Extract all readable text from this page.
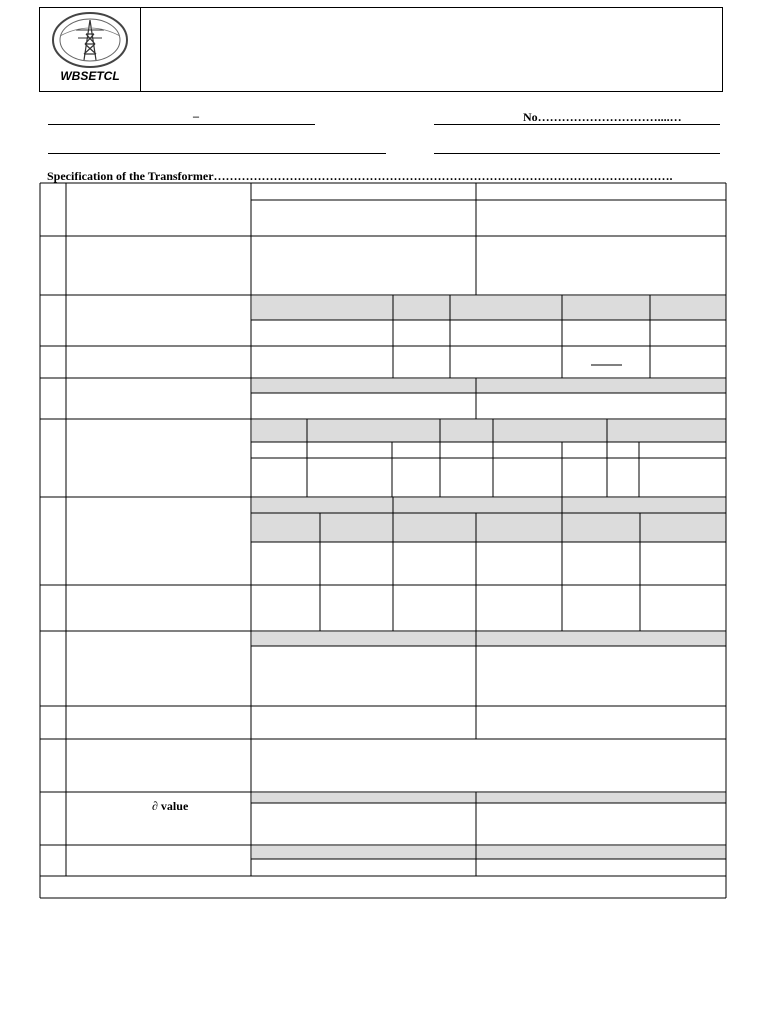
WBSETCL
–	No…………………………....…
Specification of the Transformer…………………………………………………………………………………………………….
∂ value
